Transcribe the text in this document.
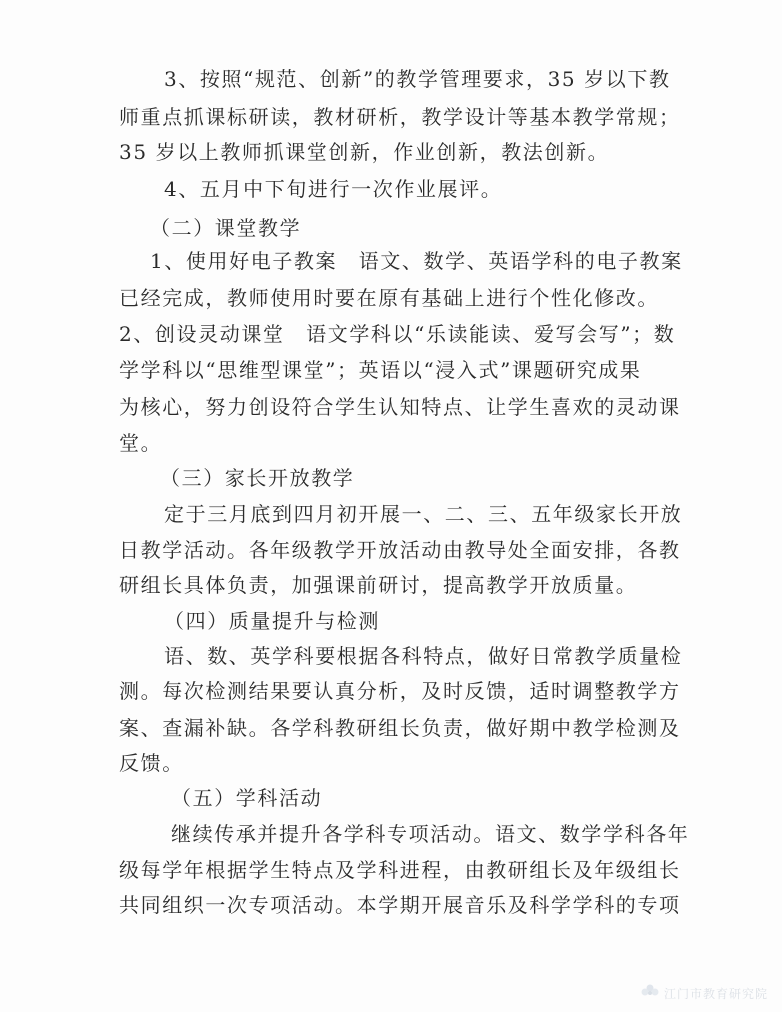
3、按照“规范、创新”的教学管理要求，35 岁以下教
师重点抓课标研读，教材研析，教学设计等基本教学常规；
35 岁以上教师抓课堂创新，作业创新，教法创新。
4、五月中下旬进行一次作业展评。
（二）课堂教学
1、使用好电子教案　语文、数学、英语学科的电子教案
已经完成，教师使用时要在原有基础上进行个性化修改。
2、创设灵动课堂　语文学科以“乐读能读、爱写会写”；数
学学科以“思维型课堂”；英语以“浸入式”课题研究成果
为核心，努力创设符合学生认知特点、让学生喜欢的灵动课
堂。
（三）家长开放教学
定于三月底到四月初开展一、二、三、五年级家长开放
日教学活动。各年级教学开放活动由教导处全面安排，各教
研组长具体负责，加强课前研讨，提高教学开放质量。
（四）质量提升与检测
语、数、英学科要根据各科特点，做好日常教学质量检
测。每次检测结果要认真分析，及时反馈，适时调整教学方
案、查漏补缺。各学科教研组长负责，做好期中教学检测及
反馈。
（五）学科活动
继续传承并提升各学科专项活动。语文、数学学科各年
级每学年根据学生特点及学科进程，由教研组长及年级组长
共同组织一次专项活动。本学期开展音乐及科学学科的专项
江门市教育研究院
